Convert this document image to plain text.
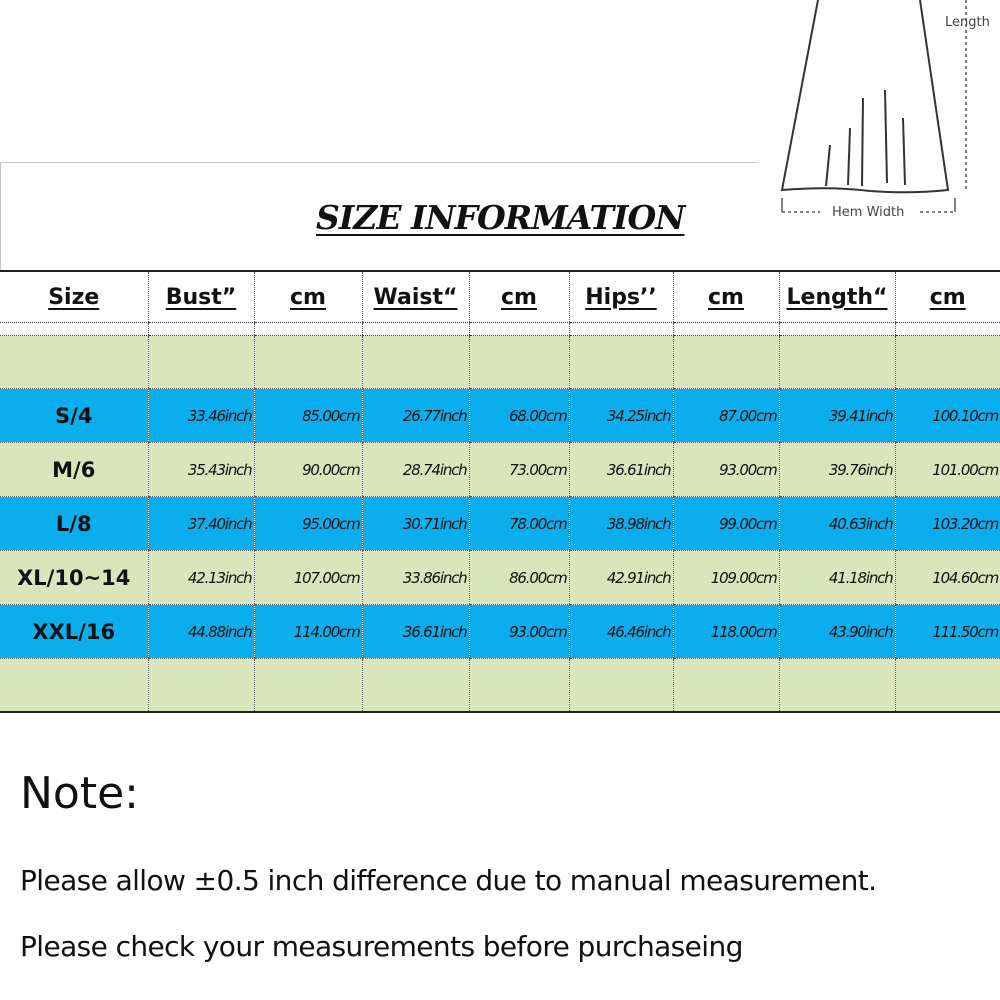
Length
Hem Width
SIZE INFORMATION
Size	Bust”	cm	Waist“	cm	Hips’’	cm	Length“	cm

S/4	33.46inch	85.00cm	26.77inch	68.00cm	34.25inch	87.00cm	39.41inch	100.10cm
M/6	35.43inch	90.00cm	28.74inch	73.00cm	36.61inch	93.00cm	39.76inch	101.00cm
L/8	37.40inch	95.00cm	30.71inch	78.00cm	38.98inch	99.00cm	40.63inch	103.20cm
XL/10~14	42.13inch	107.00cm	33.86inch	86.00cm	42.91inch	109.00cm	41.18inch	104.60cm
XXL/16	44.88inch	114.00cm	36.61inch	93.00cm	46.46inch	118.00cm	43.90inch	111.50cm

Note:

Please allow ±0.5 inch difference due to manual measurement.

Please check your measurements before purchaseing
